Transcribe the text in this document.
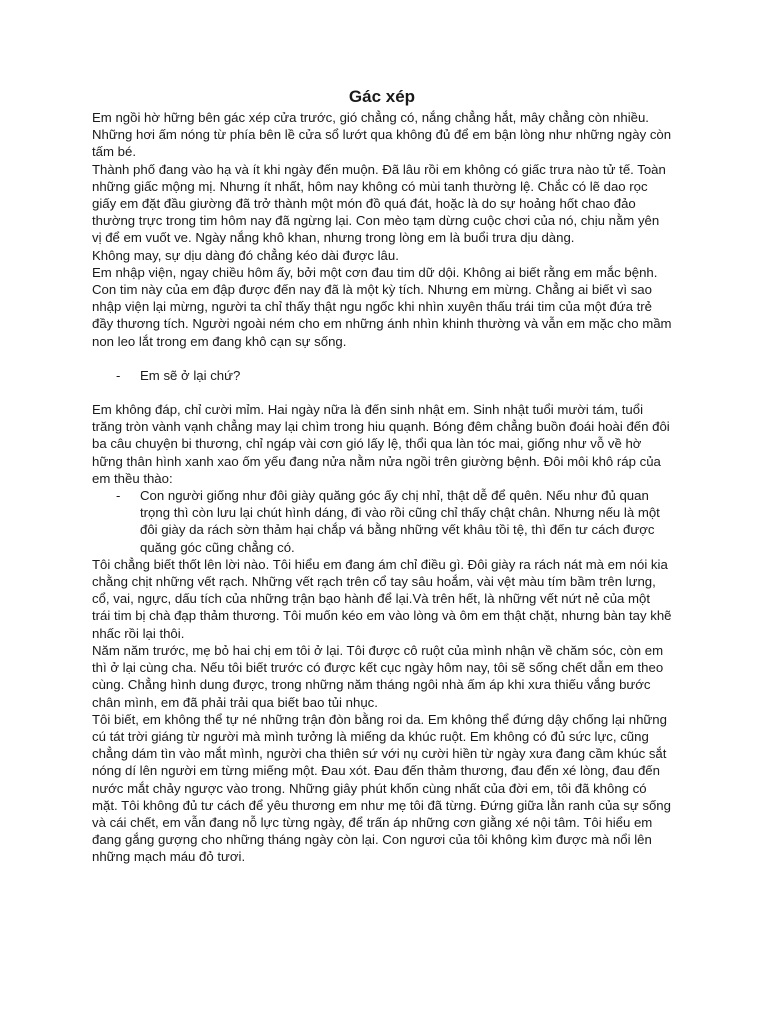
Gác xép

Em ngồi hờ hững bên gác xép cửa trước, gió chẳng có, nắng chẳng hắt, mây chẳng còn nhiều. Những hơi ấm nóng từ phía bên lề cửa sổ lướt qua không đủ để em bận lòng như những ngày còn tấm bé.

Thành phố đang vào hạ và ít khi ngày đến muộn. Đã lâu rồi em không có giấc trưa nào tử tế. Toàn những giấc mộng mị. Nhưng ít nhất, hôm nay không có mùi tanh thường lệ. Chắc có lẽ dao rọc giấy em đặt đầu giường đã trở thành một món đồ quá đát, hoặc là do sự hoảng hốt chao đảo thường trực trong tim hôm nay đã ngừng lại. Con mèo tạm dừng cuộc chơi của nó, chịu nằm yên vị để em vuốt ve. Ngày nắng khô khan, nhưng trong lòng em là buổi trưa dịu dàng.

Không may, sự dịu dàng đó chẳng kéo dài được lâu.

Em nhập viện, ngay chiều hôm ấy, bởi một cơn đau tim dữ dội. Không ai biết rằng em mắc bệnh. Con tim này của em đập được đến nay đã là một kỳ tích. Nhưng em mừng. Chẳng ai biết vì sao nhập viện lại mừng, người ta chỉ thấy thật ngu ngốc khi nhìn xuyên thấu trái tim của một đứa trẻ đầy thương tích. Người ngoài ném cho em những ánh nhìn khinh thường và vẫn em mặc cho mầm non leo lắt trong em đang khô cạn sự sống.

-	Em sẽ ở lại chứ?

Em không đáp, chỉ cười mỉm. Hai ngày nữa là đến sinh nhật em. Sinh nhật tuổi mười tám, tuổi trăng tròn vành vạnh chẳng may lại chìm trong hiu quạnh. Bóng đêm chẳng buồn đoái hoài đến đôi ba câu chuyện bi thương, chỉ ngáp vài cơn gió lấy lệ, thổi qua làn tóc mai, giống như vỗ về hờ hững thân hình xanh xao ốm yếu đang nửa nằm nửa ngồi trên giường bệnh. Đôi môi khô ráp của em thều thào:

-	Con người giống như đôi giày quăng góc ấy chị nhỉ, thật dễ để quên. Nếu như đủ quan trọng thì còn lưu lại chút hình dáng, đi vào rồi cũng chỉ thấy chật chân. Nhưng nếu là một đôi giày da rách sờn thảm hại chắp vá bằng những vết khâu tồi tệ, thì đến tư cách được quăng góc cũng chẳng có.

Tôi chẳng biết thốt lên lời nào. Tôi hiểu em đang ám chỉ điều gì. Đôi giày ra rách nát mà em nói kia chằng chịt những vết rạch. Những vết rạch trên cổ tay sâu hoắm, vài vệt màu tím bầm trên lưng, cổ, vai, ngực, dấu tích của những trận bạo hành để lại.Và trên hết, là những vết nứt nẻ của một trái tim bị chà đạp thảm thương. Tôi muốn kéo em vào lòng và ôm em thật chặt, nhưng bàn tay khẽ nhấc rồi lại thôi.

Năm năm trước, mẹ bỏ hai chị em tôi ở lại. Tôi được cô ruột của mình nhận về chăm sóc, còn em thì ở lại cùng cha. Nếu tôi biết trước có được kết cục ngày hôm nay, tôi sẽ sống chết dẫn em theo cùng. Chẳng hình dung được, trong những năm tháng ngôi nhà ấm áp khi xưa thiếu vắng bước chân mình, em đã phải trải qua biết bao tủi nhục.

Tôi biết, em không thể tự né những trận đòn bằng roi da. Em không thể đứng dậy chống lại những cú tát trời giáng từ người mà mình tưởng là miếng da khúc ruột. Em không có đủ sức lực, cũng chẳng dám tìn vào mắt mình, người cha thiên sứ với nụ cười hiền từ ngày xưa đang cầm khúc sắt nóng dí lên người em từng miếng một. Đau xót. Đau đến thảm thương, đau đến xé lòng, đau đến nước mắt chảy ngược vào trong. Những giây phút khốn cùng nhất của đời em, tôi đã không có mặt. Tôi không đủ tư cách để yêu thương em như mẹ tôi đã từng. Đứng giữa lằn ranh của sự sống và cái chết, em vẫn đang nỗ lực từng ngày, để trấn áp những cơn giằng xé nội tâm. Tôi hiểu em đang gắng gượng cho những tháng ngày còn lại. Con ngươi của tôi không kìm được mà nổi lên những mạch máu đỏ tươi.
